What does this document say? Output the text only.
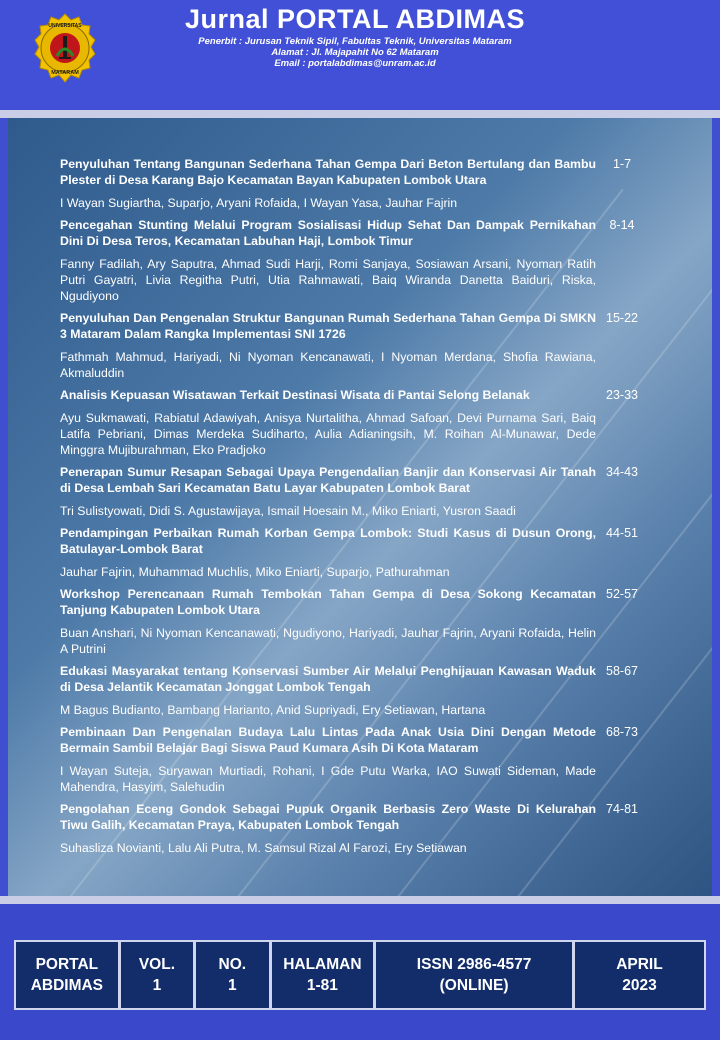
UNIVERSITAS
MATARAM
Jurnal PORTAL ABDIMAS
Penerbit : Jurusan Teknik Sipil, Fabultas Teknik, Universitas Mataram
Alamat : Jl. Majapahit No 62 Mataram
Email : portalabdimas@unram.ac.id
Penyuluhan Tentang Bangunan Sederhana Tahan Gempa Dari Beton Bertulang dan Bambu Plester di Desa Karang Bajo Kecamatan Bayan Kabupaten Lombok Utara
1-7
I Wayan Sugiartha, Suparjo, Aryani Rofaida, I Wayan Yasa, Jauhar Fajrin
Pencegahan Stunting Melalui Program Sosialisasi Hidup Sehat Dan Dampak Pernikahan Dini Di Desa Teros, Kecamatan Labuhan Haji, Lombok Timur
8-14
Fanny Fadilah, Ary Saputra, Ahmad Sudi Harji, Romi Sanjaya, Sosiawan Arsani, Nyoman Ratih Putri Gayatri, Livia Regitha Putri, Utia Rahmawati, Baiq Wiranda Danetta Baiduri, Riska, Ngudiyono
Penyuluhan Dan Pengenalan Struktur Bangunan Rumah Sederhana Tahan Gempa Di SMKN 3 Mataram Dalam Rangka Implementasi SNI 1726
15-22
Fathmah Mahmud, Hariyadi, Ni Nyoman Kencanawati, I Nyoman Merdana, Shofia Rawiana, Akmaluddin
Analisis Kepuasan Wisatawan Terkait Destinasi Wisata di Pantai Selong Belanak	23-33
Ayu Sukmawati, Rabiatul Adawiyah, Anisya Nurtalitha, Ahmad Safoan, Devi Purnama Sari, Baiq Latifa Pebriani, Dimas Merdeka Sudiharto, Aulia Adianingsih, M. Roihan Al-Munawar, Dede Minggra Mujiburahman, Eko Pradjoko
Penerapan Sumur Resapan Sebagai Upaya Pengendalian Banjir dan Konservasi Air Tanah di Desa Lembah Sari Kecamatan Batu Layar Kabupaten Lombok Barat
34-43
Tri Sulistyowati, Didi S. Agustawijaya, Ismail Hoesain M., Miko Eniarti, Yusron Saadi
Pendampingan Perbaikan Rumah Korban Gempa Lombok: Studi Kasus di Dusun Orong, Batulayar-Lombok Barat
44-51
Jauhar Fajrin, Muhammad Muchlis, Miko Eniarti, Suparjo, Pathurahman
Workshop Perencanaan Rumah Tembokan Tahan Gempa di Desa Sokong Kecamatan Tanjung Kabupaten Lombok Utara
52-57
Buan Anshari, Ni Nyoman Kencanawati, Ngudiyono, Hariyadi, Jauhar Fajrin, Aryani Rofaida, Helin A Putrini
Edukasi Masyarakat tentang Konservasi Sumber Air Melalui Penghijauan Kawasan Waduk di Desa Jelantik Kecamatan Jonggat Lombok Tengah
58-67
M Bagus Budianto, Bambang Harianto, Anid Supriyadi, Ery Setiawan, Hartana
Pembinaan Dan Pengenalan Budaya Lalu Lintas Pada Anak Usia Dini Dengan Metode Bermain Sambil Belajar Bagi Siswa Paud Kumara Asih Di Kota Mataram
68-73
I Wayan Suteja, Suryawan Murtiadi, Rohani, I Gde Putu Warka, IAO Suwati Sideman, Made Mahendra, Hasyim, Salehudin
Pengolahan Eceng Gondok Sebagai Pupuk Organik Berbasis Zero Waste Di Kelurahan Tiwu Galih, Kecamatan Praya, Kabupaten Lombok Tengah
74-81
Suhasliza Novianti, Lalu Ali Putra, M. Samsul Rizal Al Farozi, Ery Setiawan
PORTAL
ABDIMAS
VOL.
1
NO.
1
HALAMAN
1-81
ISSN 2986-4577
(ONLINE)
APRIL
2023
